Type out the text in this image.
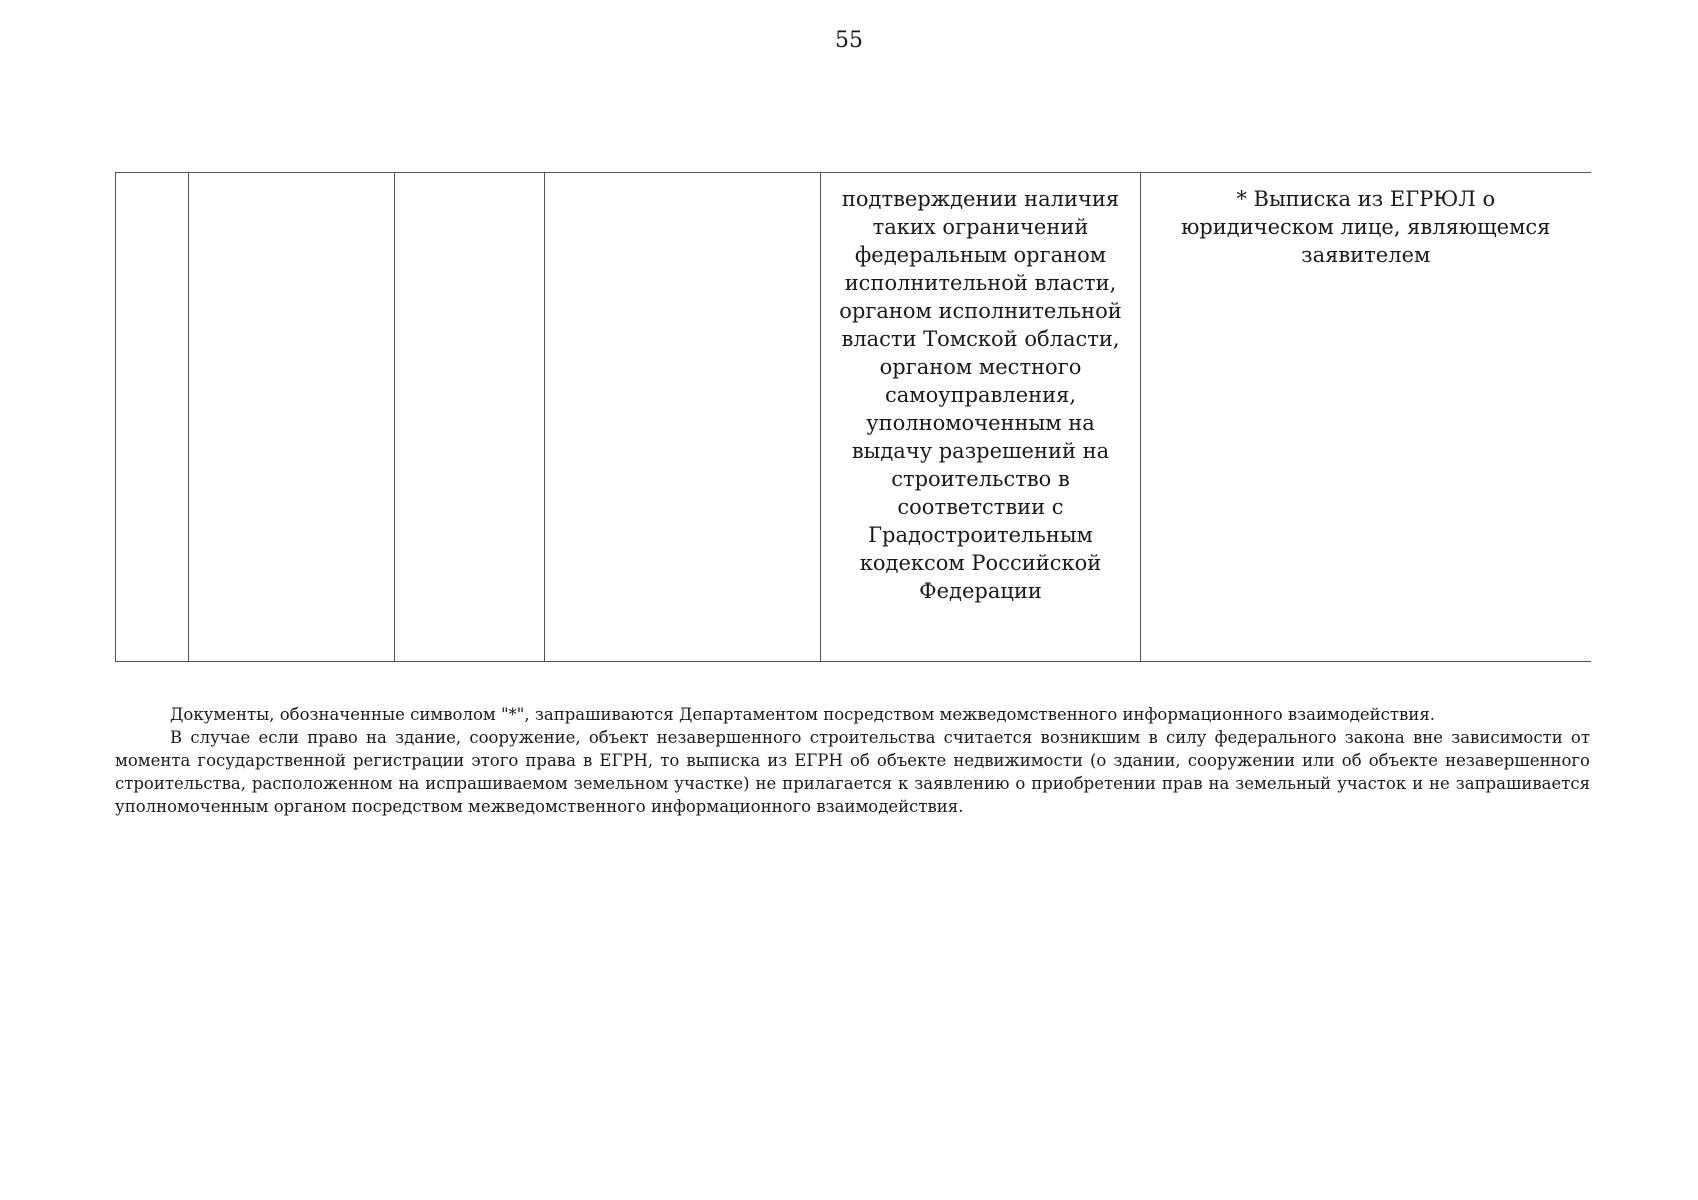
55
				подтверждении наличия таких ограничений федеральным органом исполнительной власти, органом исполнительной власти Томской области, органом местного самоуправления, уполномоченным на выдачу разрешений на строительство в соответствии с Градостроительным кодексом Российской Федерации	* Выписка из ЕГРЮЛ о юридическом лице, являющемся заявителем

Документы, обозначенные символом "*", запрашиваются Департаментом посредством межведомственного информационного взаимодействия.

В случае если право на здание, сооружение, объект незавершенного строительства считается возникшим в силу федерального закона вне зависимости от момента государственной регистрации этого права в ЕГРН, то выписка из ЕГРН об объекте недвижимости (о здании, сооружении или об объекте незавершенного строительства, расположенном на испрашиваемом земельном участке) не прилагается к заявлению о приобретении прав на земельный участок и не запрашивается уполномоченным органом посредством межведомственного информационного взаимодействия.
